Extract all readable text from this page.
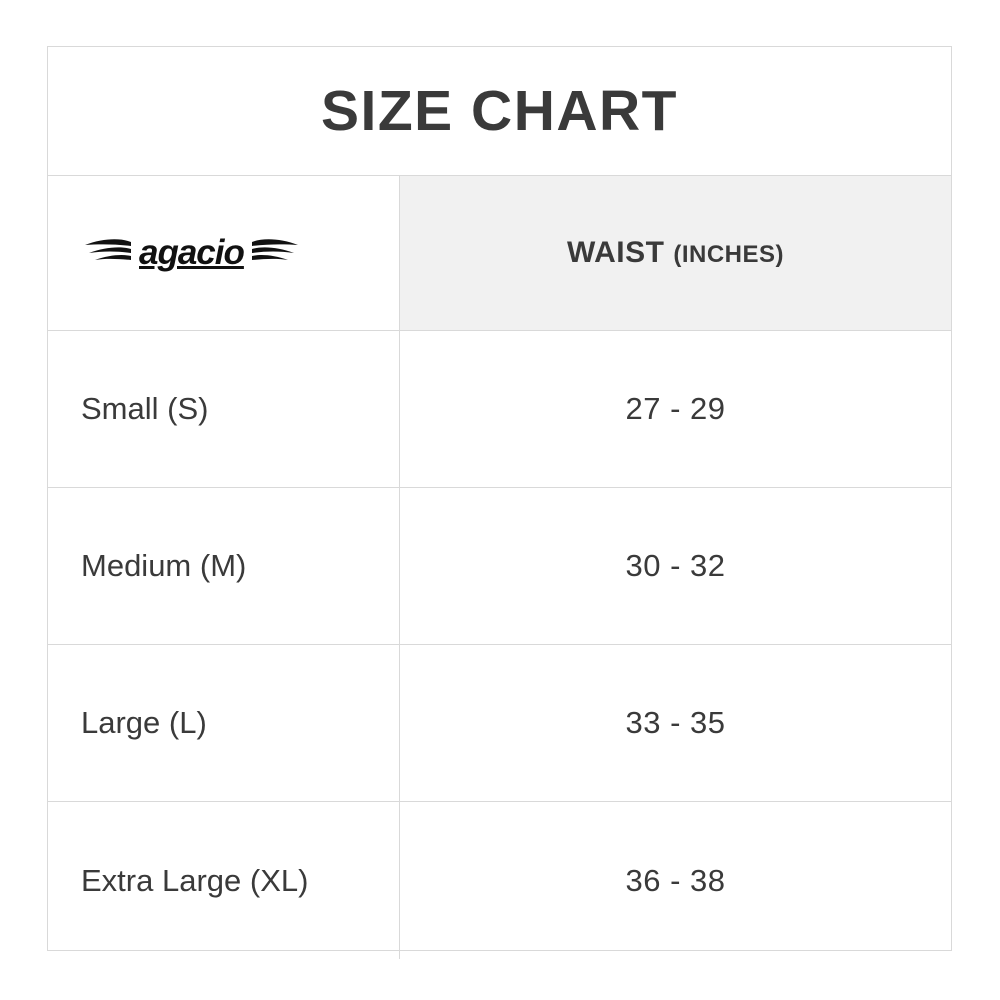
SIZE CHART
agacio	WAIST (INCHES)
Small (S)	27 - 29
Medium (M)	30 - 32
Large (L)	33 - 35
Extra Large (XL)	36 - 38
